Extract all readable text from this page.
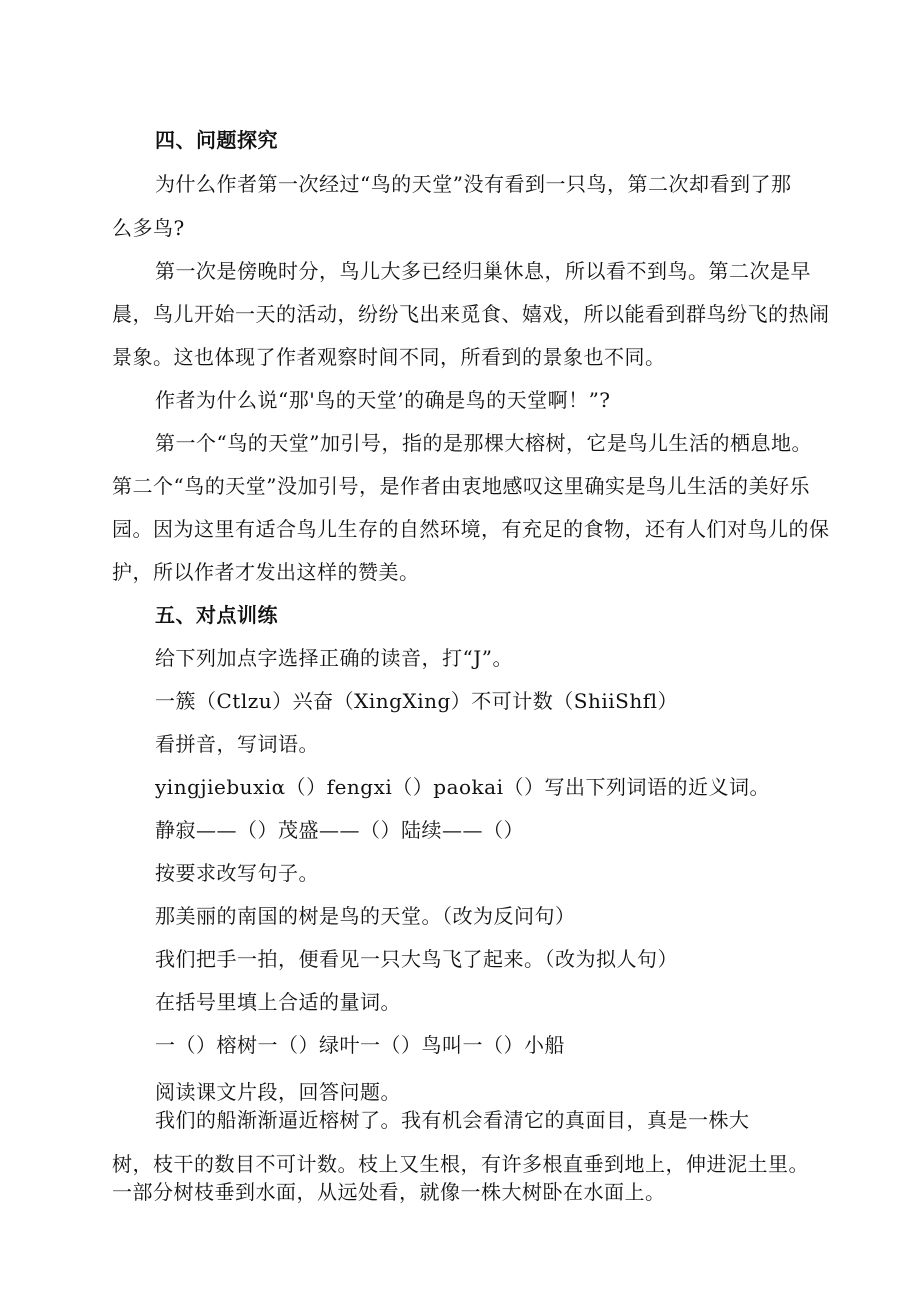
四、问题探究
为什么作者第一次经过“鸟的天堂”没有看到一只鸟，第二次却看到了那
么多鸟?
第一次是傍晚时分，鸟儿大多已经归巢休息，所以看不到鸟。第二次是早
晨，鸟儿开始一天的活动，纷纷飞出来觅食、嬉戏，所以能看到群鸟纷飞的热闹
景象。这也体现了作者观察时间不同，所看到的景象也不同。
作者为什么说“那'鸟的天堂’的确是鸟的天堂啊！”?
第一个“鸟的天堂”加引号，指的是那棵大榕树，它是鸟儿生活的栖息地。
第二个“鸟的天堂”没加引号，是作者由衷地感叹这里确实是鸟儿生活的美好乐
园。因为这里有适合鸟儿生存的自然环境，有充足的食物，还有人们对鸟儿的保
护，所以作者才发出这样的赞美。
五、对点训练
给下列加点字选择正确的读音，打“J”。
一簇（Ctlzu）兴奋（XingXing）不可计数（ShiiShfl）
看拼音，写词语。
yingjiebuxiα（）fengxi（）paokai（）写出下列词语的近义词。
静寂——（）茂盛——（）陆续——（）
按要求改写句子。
那美丽的南国的树是鸟的天堂。（改为反问句）
我们把手一拍，便看见一只大鸟飞了起来。（改为拟人句）
在括号里填上合适的量词。
一（）榕树一（）绿叶一（）鸟叫一（）小船
阅读课文片段，回答问题。
我们的船渐渐逼近榕树了。我有机会看清它的真面目，真是一株大
树，枝干的数目不可计数。枝上又生根，有许多根直垂到地上，伸进泥土里。
一部分树枝垂到水面，从远处看，就像一株大树卧在水面上。
